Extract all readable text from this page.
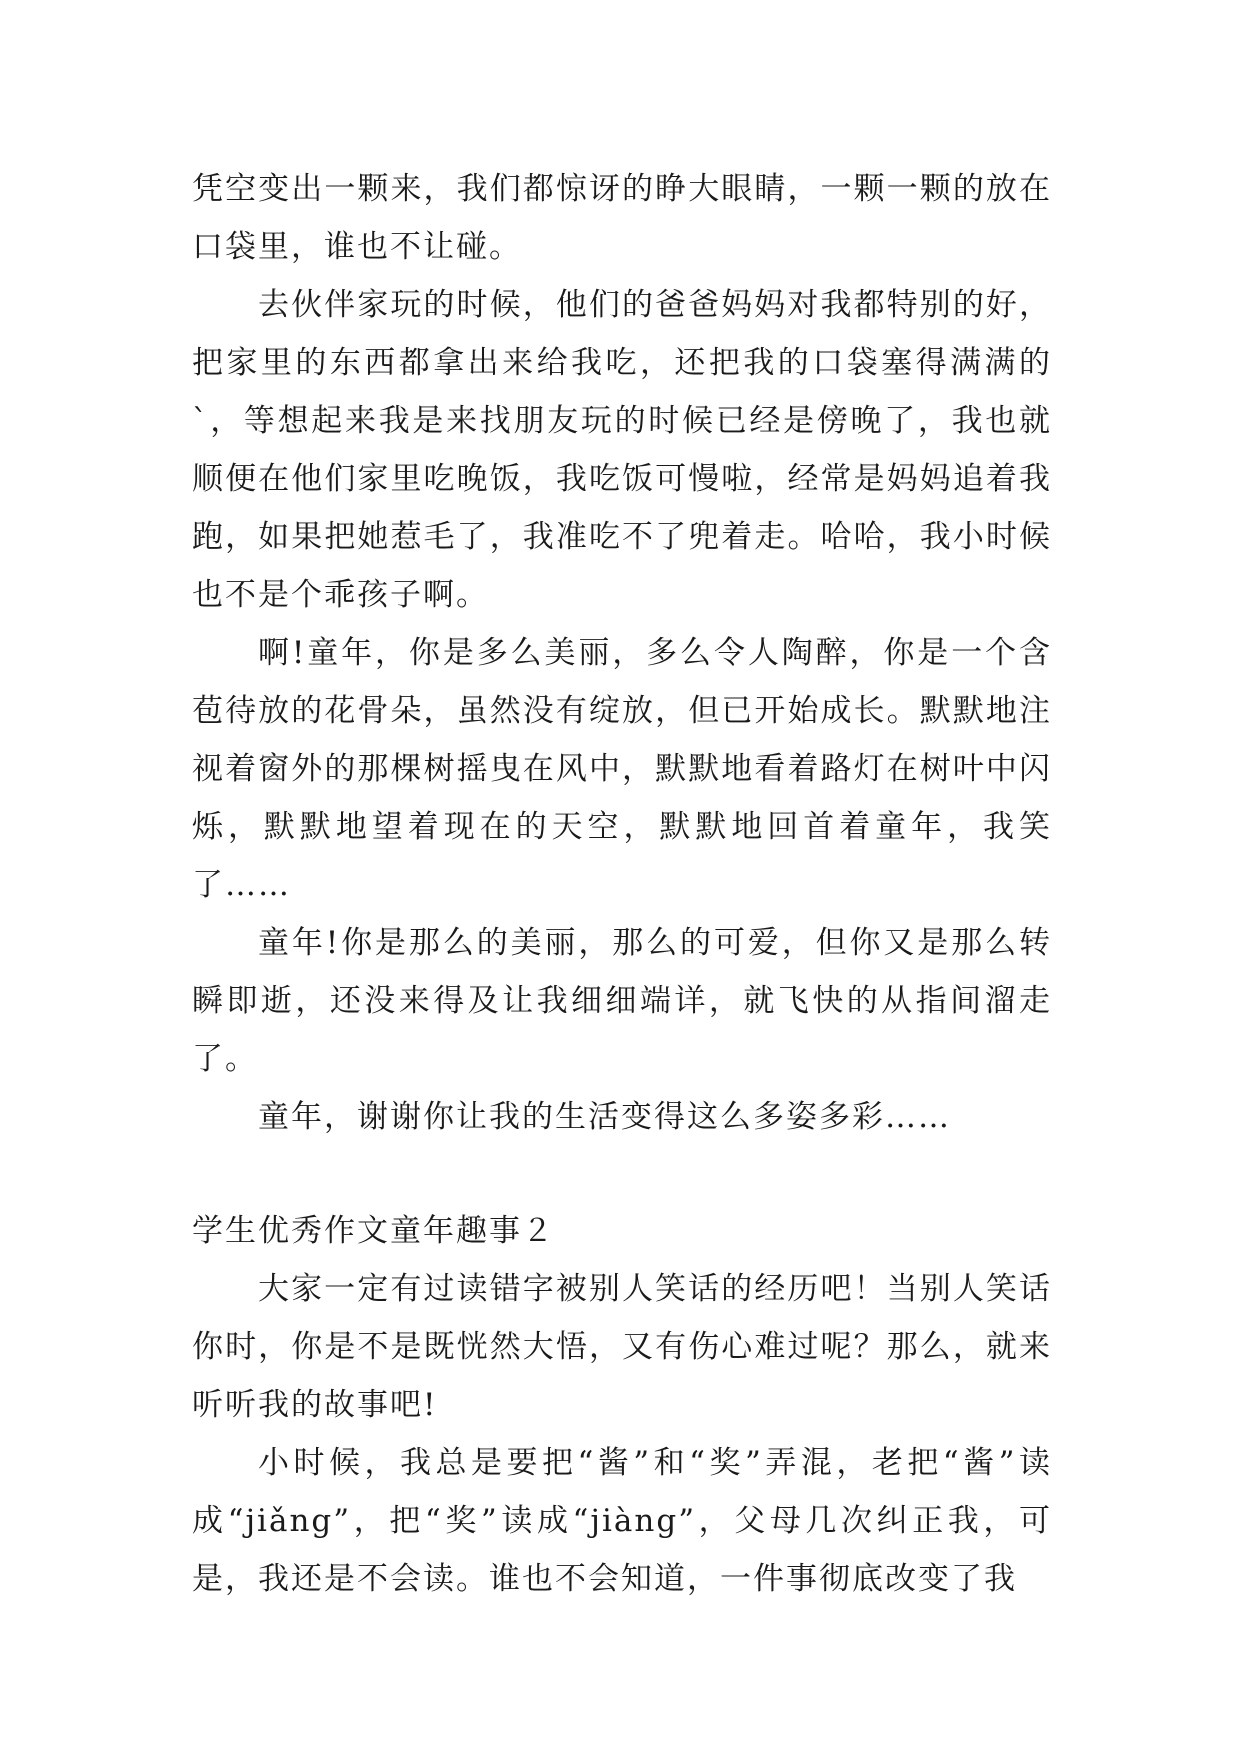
凭空变出一颗来，我们都惊讶的睁大眼睛，一颗一颗的放在口袋里，谁也不让碰。

去伙伴家玩的时候，他们的爸爸妈妈对我都特别的好，把家里的东西都拿出来给我吃，还把我的口袋塞得满满的`，等想起来我是来找朋友玩的时候已经是傍晚了，我也就顺便在他们家里吃晚饭，我吃饭可慢啦，经常是妈妈追着我跑，如果把她惹毛了，我准吃不了兜着走。哈哈，我小时候也不是个乖孩子啊。

啊!童年，你是多么美丽，多么令人陶醉，你是一个含苞待放的花骨朵，虽然没有绽放，但已开始成长。默默地注视着窗外的那棵树摇曳在风中，默默地看着路灯在树叶中闪烁，默默地望着现在的天空，默默地回首着童年，我笑了……

童年!你是那么的美丽，那么的可爱，但你又是那么转瞬即逝，还没来得及让我细细端详，就飞快的从指间溜走了。

童年，谢谢你让我的生活变得这么多姿多彩……

学生优秀作文童年趣事２

大家一定有过读错字被别人笑话的经历吧！当别人笑话你时，你是不是既恍然大悟，又有伤心难过呢？那么，就来听听我的故事吧!

小时候，我总是要把“酱”和“奖”弄混，老把“酱”读成“jiǎng”，把“奖”读成“jiàng”，父母几次纠正我，可是，我还是不会读。谁也不会知道，一件事彻底改变了我
